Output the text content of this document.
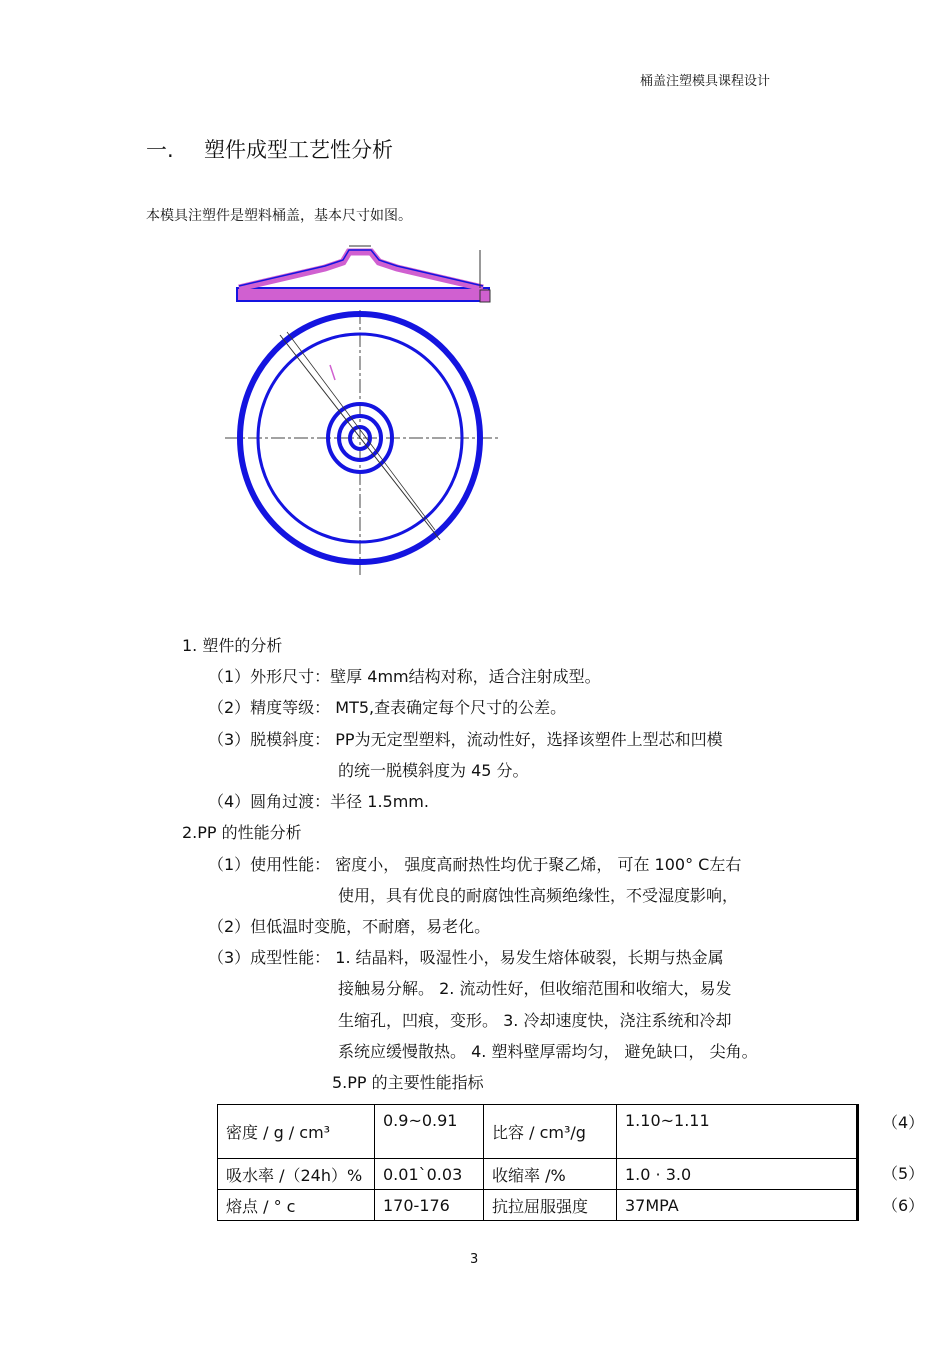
桶盖注塑模具课程设计
一. 塑件成型工艺性分析
本模具注塑件是塑料桶盖，基本尺寸如图。
1. 塑件的分析
（1）外形尺寸：壁厚 4mm结构对称，适合注射成型。
（2）精度等级： MT5,查表确定每个尺寸的公差。
（3）脱模斜度： PP为无定型塑料，流动性好，选择该塑件上型芯和凹模
的统一脱模斜度为 45 分。
（4）圆角过渡：半径 1.5mm.
2.PP 的性能分析
（1）使用性能： 密度小， 强度高耐热性均优于聚乙烯， 可在 100° C左右
使用，具有优良的耐腐蚀性高频绝缘性，不受湿度影响，
（2）但低温时变脆，不耐磨，易老化。
（3）成型性能： 1. 结晶料，吸湿性小，易发生熔体破裂，长期与热金属
接触易分解。 2. 流动性好，但收缩范围和收缩大，易发
生缩孔，凹痕，变形。 3. 冷却速度快，浇注系统和冷却
系统应缓慢散热。 4. 塑料壁厚需均匀， 避免缺口， 尖角。
5.PP 的主要性能指标
密度 / g / cm³	0.9~0.91	比容 / cm³/g	1.10~1.11	
吸水率 /（24h）%	0.01`0.03	收缩率 /%	1.0 · 3.0	
熔点 / ° c	170-176	抗拉屈服强度	37MPA	
（4）
（5）
（6）
3
